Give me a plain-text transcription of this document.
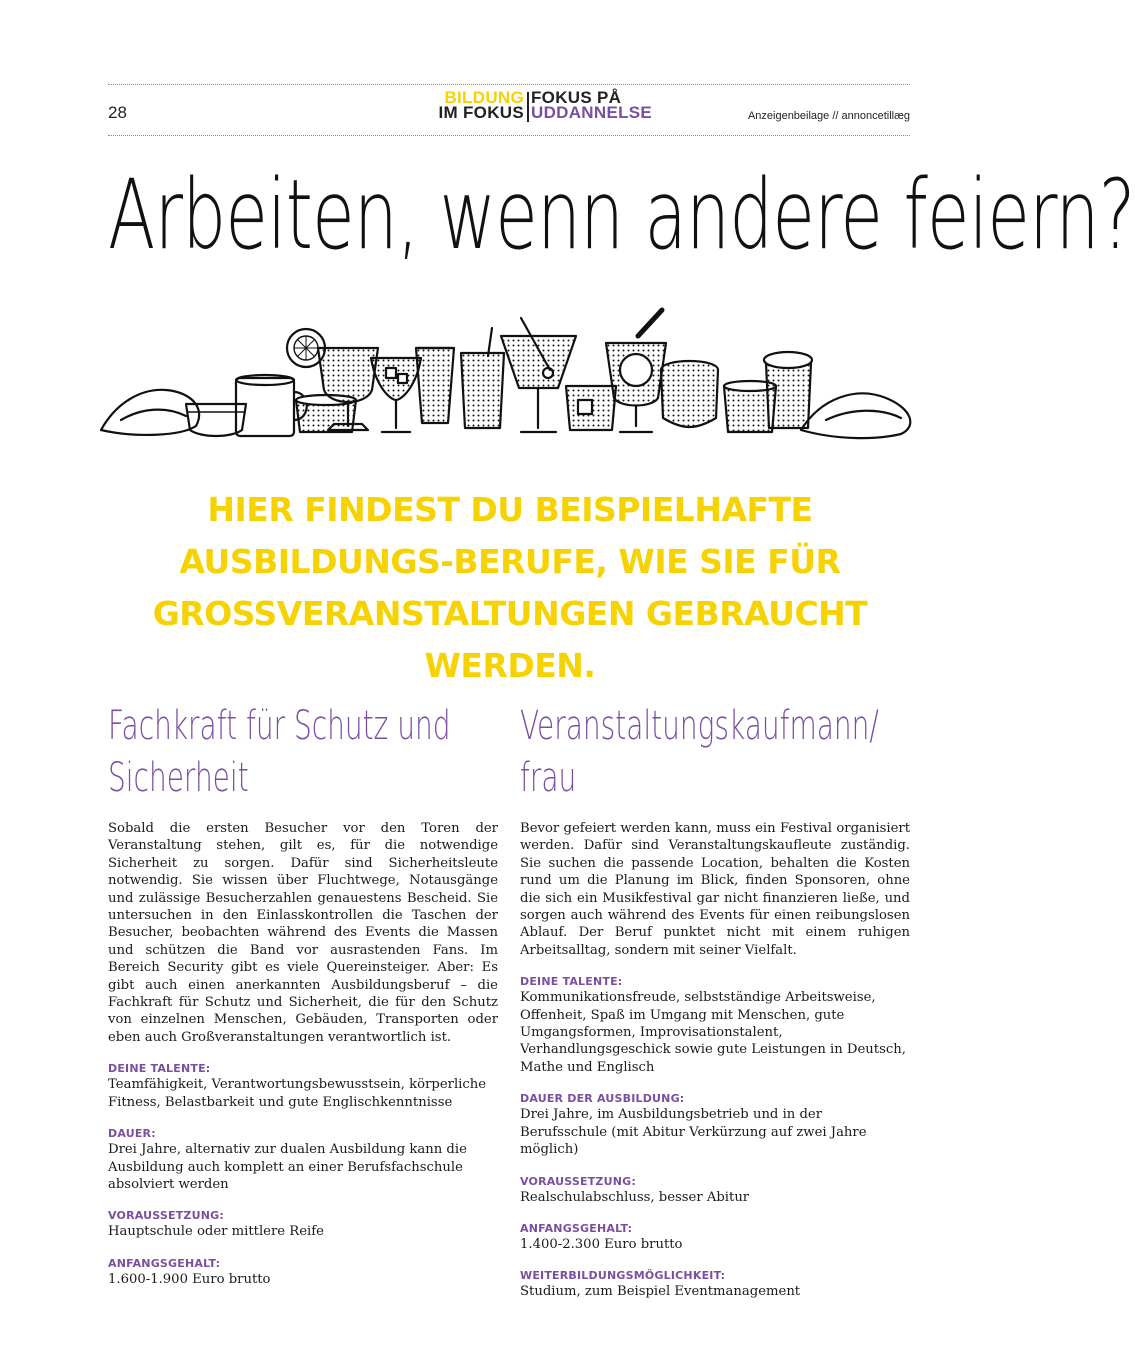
28
BILDUNG
IM FOKUS
FOKUS PÅ
UDDANNELSE	Anzeigenbeilage // annoncetillæg
Arbeiten, wenn andere feiern?
HIER FINDEST DU BEISPIELHAFTE AUSBILDUNGS-BERUFE, WIE SIE FÜR GROSSVERANSTALTUNGEN GEBRAUCHT WERDEN.
Fachkraft für Schutz und Sicherheit

Sobald die ersten Besucher vor den Toren der Veranstaltung stehen, gilt es, für die notwendige Sicherheit zu sorgen. Dafür sind Sicherheitsleute notwendig. Sie wissen über Fluchtwege, Notausgänge und zulässige Besucherzahlen genauestens Bescheid. Sie untersuchen in den Einlasskontrollen die Taschen der Besucher, beobachten während des Events die Massen und schützen die Band vor ausrastenden Fans. Im Bereich Security gibt es viele Quereinsteiger. Aber: Es gibt auch einen anerkannten Ausbildungsberuf – die Fachkraft für Schutz und Sicherheit, die für den Schutz von einzelnen Menschen, Gebäuden, Transporten oder eben auch Großveranstaltungen verantwortlich ist.

DEINE TALENTE:

Teamfähigkeit, Verantwortungsbewusstsein, körperliche Fitness, Belastbarkeit und gute Englischkenntnisse

DAUER:

Drei Jahre, alternativ zur dualen Ausbildung kann die Ausbildung auch komplett an einer Berufsfachschule absolviert werden

VORAUSSETZUNG:

Hauptschule oder mittlere Reife

ANFANGSGEHALT:

1.600-1.900 Euro brutto

Veranstaltungskaufmann/ frau

Bevor gefeiert werden kann, muss ein Festival organisiert werden. Dafür sind Veranstaltungskaufleute zuständig. Sie suchen die passende Location, behalten die Kosten rund um die Planung im Blick, finden Sponsoren, ohne die sich ein Musikfestival gar nicht finanzieren ließe, und sorgen auch während des Events für einen reibungslosen Ablauf. Der Beruf punktet nicht mit einem ruhigen Arbeitsalltag, sondern mit seiner Vielfalt.

DEINE TALENTE:

Kommunikationsfreude, selbstständige Arbeitsweise, Offenheit, Spaß im Umgang mit Menschen, gute Umgangsformen, Improvisationstalent, Verhandlungsgeschick sowie gute Leistungen in Deutsch, Mathe und Englisch

DAUER DER AUSBILDUNG:

Drei Jahre, im Ausbildungsbetrieb und in der Berufsschule (mit Abitur Verkürzung auf zwei Jahre möglich)

VORAUSSETZUNG:

Realschulabschluss, besser Abitur

ANFANGSGEHALT:

1.400-2.300 Euro brutto

WEITERBILDUNGSMÖGLICHKEIT:

Studium, zum Beispiel Eventmanagement
